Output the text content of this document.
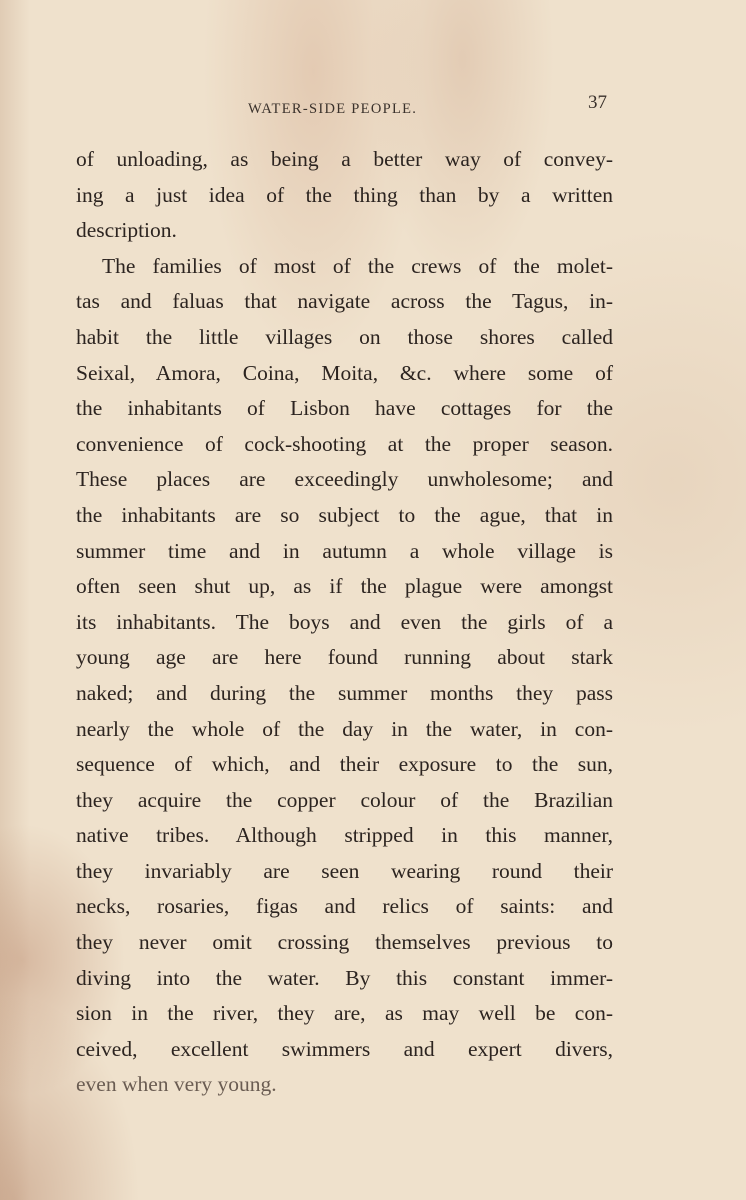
WATER-SIDE PEOPLE.	37
of unloading, as being a better way of convey-
ing a just idea of the thing than by a written
description.
The families of most of the crews of the molet-
tas and faluas that navigate across the Tagus, in-
habit the little villages on those shores called
Seixal, Amora, Coina, Moita, &c. where some of
the inhabitants of Lisbon have cottages for the
convenience of cock-shooting at the proper season.
These places are exceedingly unwholesome; and
the inhabitants are so subject to the ague, that in
summer time and in autumn a whole village is
often seen shut up, as if the plague were amongst
its inhabitants. The boys and even the girls of a
young age are here found running about stark
naked; and during the summer months they pass
nearly the whole of the day in the water, in con-
sequence of which, and their exposure to the sun,
they acquire the copper colour of the Brazilian
native tribes. Although stripped in this manner,
they invariably are seen wearing round their
necks, rosaries, figas and relics of saints: and
they never omit crossing themselves previous to
diving into the water. By this constant immer-
sion in the river, they are, as may well be con-
ceived, excellent swimmers and expert divers,
even when very young.
